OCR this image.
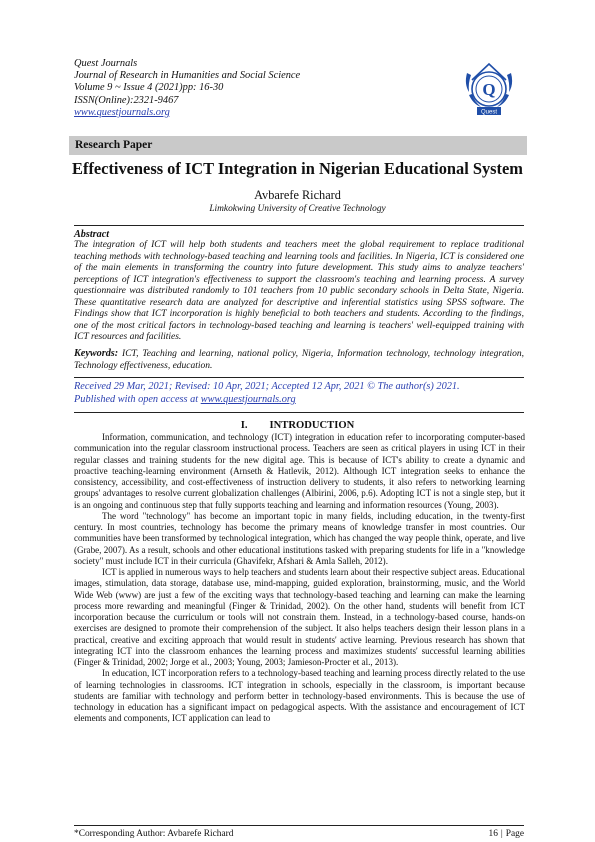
Quest Journals
Journal of Research in Humanities and Social Science
Volume 9 ~ Issue 4 (2021)pp: 16-30
ISSN(Online):2321-9467
www.questjournals.org
Q
Quest
Research Paper
Effectiveness of ICT Integration in Nigerian Educational System
Avbarefe Richard
Limkokwing University of Creative Technology
Abstract
The integration of ICT will help both students and teachers meet the global requirement to replace traditional teaching methods with technology-based teaching and learning tools and facilities. In Nigeria, ICT is considered one of the main elements in transforming the country into future development. This study aims to analyze teachers' perceptions of ICT integration's effectiveness to support the classroom's teaching and learning process. A survey questionnaire was distributed randomly to 101 teachers from 10 public secondary schools in Delta State, Nigeria. These quantitative research data are analyzed for descriptive and inferential statistics using SPSS software. The Findings show that ICT incorporation is highly beneficial to both teachers and students. According to the findings, one of the most critical factors in technology-based teaching and learning is teachers' well-equipped training with ICT resources and facilities.
Keywords: ICT, Teaching and learning, national policy, Nigeria, Information technology, technology integration, Technology effectiveness, education.
Received 29 Mar, 2021; Revised: 10 Apr, 2021; Accepted 12 Apr, 2021 © The author(s) 2021.
Published with open access at www.questjournals.org
I. INTRODUCTION

Information, communication, and technology (ICT) integration in education refer to incorporating computer-based communication into the regular classroom instructional process. Teachers are seen as critical players in using ICT in their regular classes and training students for the new digital age. This is because of ICT's ability to create a dynamic and proactive teaching-learning environment (Arnseth & Hatlevik, 2012). Although ICT integration seeks to enhance the consistency, accessibility, and cost-effectiveness of instruction delivery to students, it also refers to networking learning groups' advantages to resolve current globalization challenges (Albirini, 2006, p.6). Adopting ICT is not a single step, but it is an ongoing and continuous step that fully supports teaching and learning and information resources (Young, 2003).

The word "technology" has become an important topic in many fields, including education, in the twenty-first century. In most countries, technology has become the primary means of knowledge transfer in most countries. Our communities have been transformed by technological integration, which has changed the way people think, operate, and live (Grabe, 2007). As a result, schools and other educational institutions tasked with preparing students for life in a "knowledge society" must include ICT in their curricula (Ghavifekr, Afshari & Amla Salleh, 2012).

ICT is applied in numerous ways to help teachers and students learn about their respective subject areas. Educational images, stimulation, data storage, database use, mind-mapping, guided exploration, brainstorming, music, and the World Wide Web (www) are just a few of the exciting ways that technology-based teaching and learning can make the learning process more rewarding and meaningful (Finger & Trinidad, 2002). On the other hand, students will benefit from ICT incorporation because the curriculum or tools will not constrain them. Instead, in a technology-based course, hands-on exercises are designed to promote their comprehension of the subject. It also helps teachers design their lesson plans in a practical, creative and exciting approach that would result in students' active learning. Previous research has shown that integrating ICT into the classroom enhances the learning process and maximizes students' successful learning abilities (Finger & Trinidad, 2002; Jorge et al., 2003; Young, 2003; Jamieson-Procter et al., 2013).

In education, ICT incorporation refers to a technology-based teaching and learning process directly related to the use of learning technologies in classrooms. ICT integration in schools, especially in the classroom, is important because students are familiar with technology and perform better in technology-based environments. This is because the use of technology in education has a significant impact on pedagogical aspects. With the assistance and encouragement of ICT elements and components, ICT application can lead to

*Corresponding Author: Avbarefe Richard	16 | Page
